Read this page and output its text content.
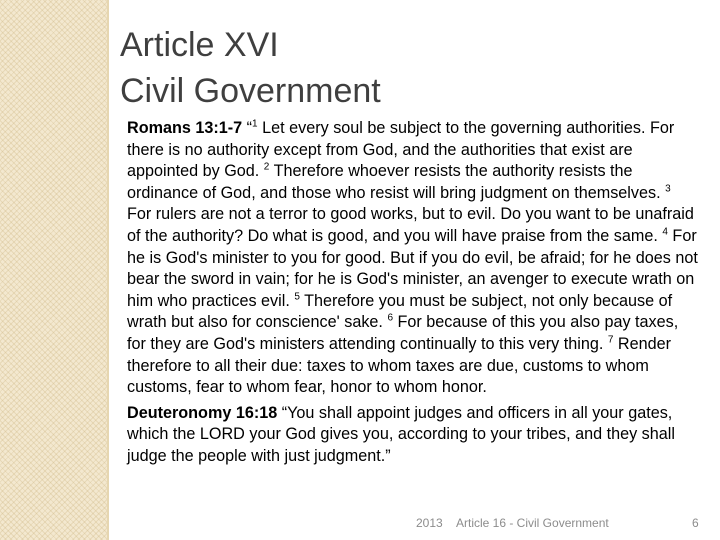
Article XVI
Civil Government

Romans 13:1-7 “$^1$ Let every soul be subject to the governing authorities. For there is no authority except from God, and the authorities that exist are appointed by God. $^2$ Therefore whoever resists the authority resists the ordinance of God, and those who resist will bring judgment on themselves. $^3$ For rulers are not a terror to good works, but to evil. Do you want to be unafraid of the authority? Do what is good, and you will have praise from the same. $^4$ For he is God's minister to you for good. But if you do evil, be afraid; for he does not bear the sword in vain; for he is God's minister, an avenger to execute wrath on him who practices evil. $^5$ Therefore you must be subject, not only because of wrath but also for conscience' sake. $^6$ For because of this you also pay taxes, for they are God's ministers attending continually to this very thing. $^7$ Render therefore to all their due: taxes to whom taxes are due, customs to whom customs, fear to whom fear, honor to whom honor.

Deuteronomy 16:18 “You shall appoint judges and officers in all your gates, which the LORD your God gives you, according to your tribes, and they shall judge the people with just judgment.”

2013 Article 16 - Civil Government	6
